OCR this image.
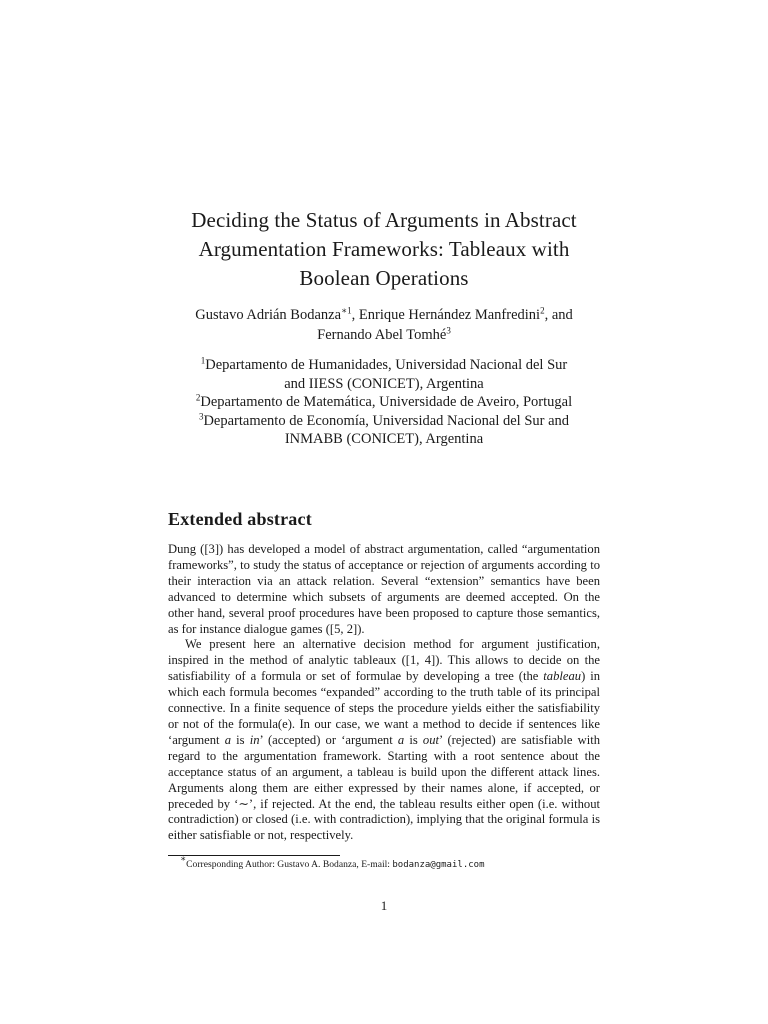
Deciding the Status of Arguments in Abstract
Argumentation Frameworks: Tableaux with
Boolean Operations
Gustavo Adrián Bodanza$^{∗1}$, Enrique Hernández Manfredini$^2$, and
Fernando Abel Tomhé$^3$

$^1$Departamento de Humanidades, Universidad Nacional del Sur

and IIESS (CONICET), Argentina

$^2$Departamento de Matemática, Universidade de Aveiro, Portugal

$^3$Departamento de Economía, Universidad Nacional del Sur and

INMABB (CONICET), Argentina

Extended abstract

Dung ([3]) has developed a model of abstract argumentation, called “argumentation frameworks”, to study the status of acceptance or rejection of arguments according to their interaction via an attack relation. Several “extension” semantics have been advanced to determine which subsets of arguments are deemed accepted. On the other hand, several proof procedures have been proposed to capture those semantics, as for instance dialogue games ([5, 2]).

We present here an alternative decision method for argument justification, inspired in the method of analytic tableaux ([1, 4]). This allows to decide on the satisfiability of a formula or set of formulae by developing a tree (the tableau) in which each formula becomes “expanded” according to the truth table of its principal connective. In a finite sequence of steps the procedure yields either the satisfiability or not of the formula(e). In our case, we want a method to decide if sentences like ‘argument a is in’ (accepted) or ‘argument a is out’ (rejected) are satisfiable with regard to the argumentation framework. Starting with a root sentence about the acceptance status of an argument, a tableau is build upon the different attack lines. Arguments along them are either expressed by their names alone, if accepted, or preceded by ‘∼’, if rejected. At the end, the tableau results either open (i.e. without contradiction) or closed (i.e. with contradiction), implying that the original formula is either satisfiable or not, respectively.

∗Corresponding Author: Gustavo A. Bodanza, E-mail: bodanza@gmail.com
1
